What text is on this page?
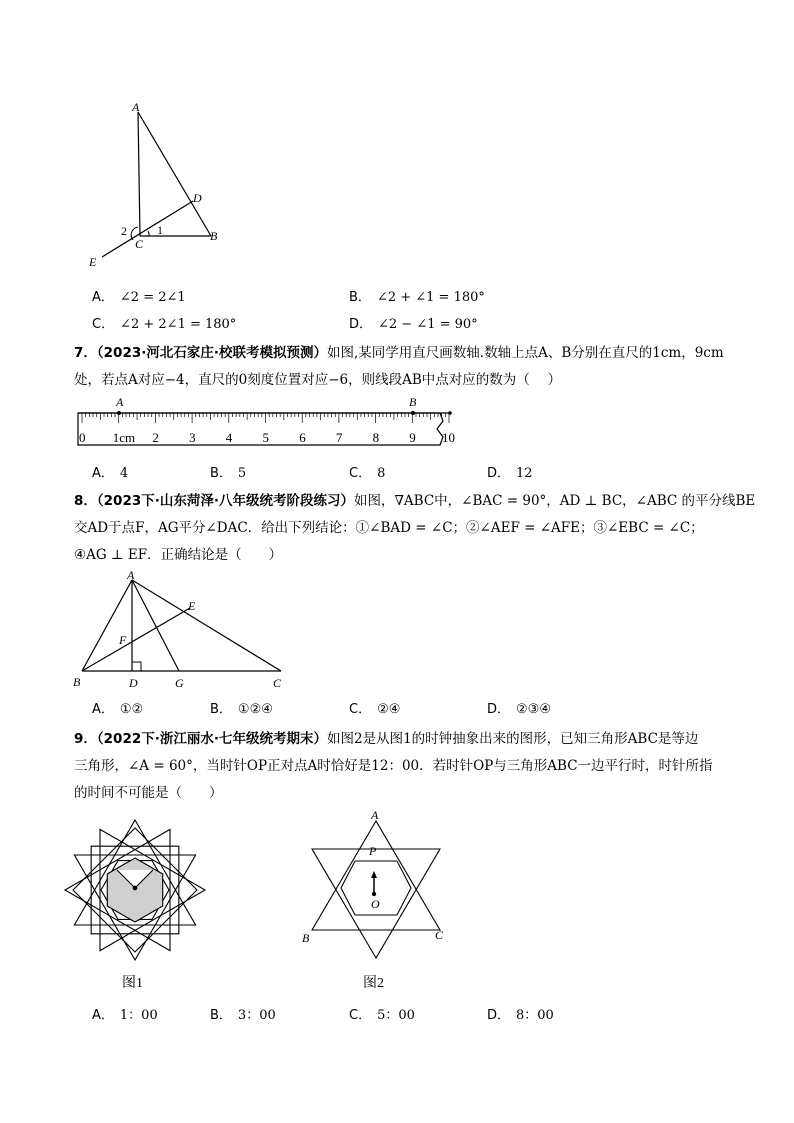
A
D
C
B
E
2	1
A． ∠2 = 2∠1	B． ∠2 + ∠1 = 180°
C． ∠2 + 2∠1 = 180°	D． ∠2 − ∠1 = 90°
7．（2023·河北石家庄·校联考模拟预测）如图,某同学用直尺画数轴.数轴上点A、B分别在直尺的1cm，9cm
处，若点A对应−4，直尺的0刻度位置对应−6，则线段AB中点对应的数为（　 ）
A	B
0 1cm 2 3 4 5 6 7 8 9 10
A． 4	B． 5	C． 8	D． 12
8．（2023下·山东菏泽·八年级统考阶段练习）如图，∇ABC中，∠BAC = 90°，AD ⊥ BC，∠ABC 的平分线BE
交AD于点F，AG平分∠DAC．给出下列结论：①∠BAD = ∠C；②∠AEF = ∠AFE；③∠EBC = ∠C；
④AG ⊥ EF．正确结论是（　　）
A
E
F
B	D	G	C
A． ①②	B． ①②④	C． ②④	D． ②③④
9．（2022下·浙江丽水·七年级统考期末）如图2是从图1的时钟抽象出来的图形，已知三角形ABC是等边
三角形，∠A = 60°，当时针OP正对点A时恰好是12：00．若时针OP与三角形ABC一边平行时，时针所指
的时间不可能是（　　）
图1
A
P
O
B	C
图2
A． 1：00	B． 3：00	C． 5：00	D． 8：00
